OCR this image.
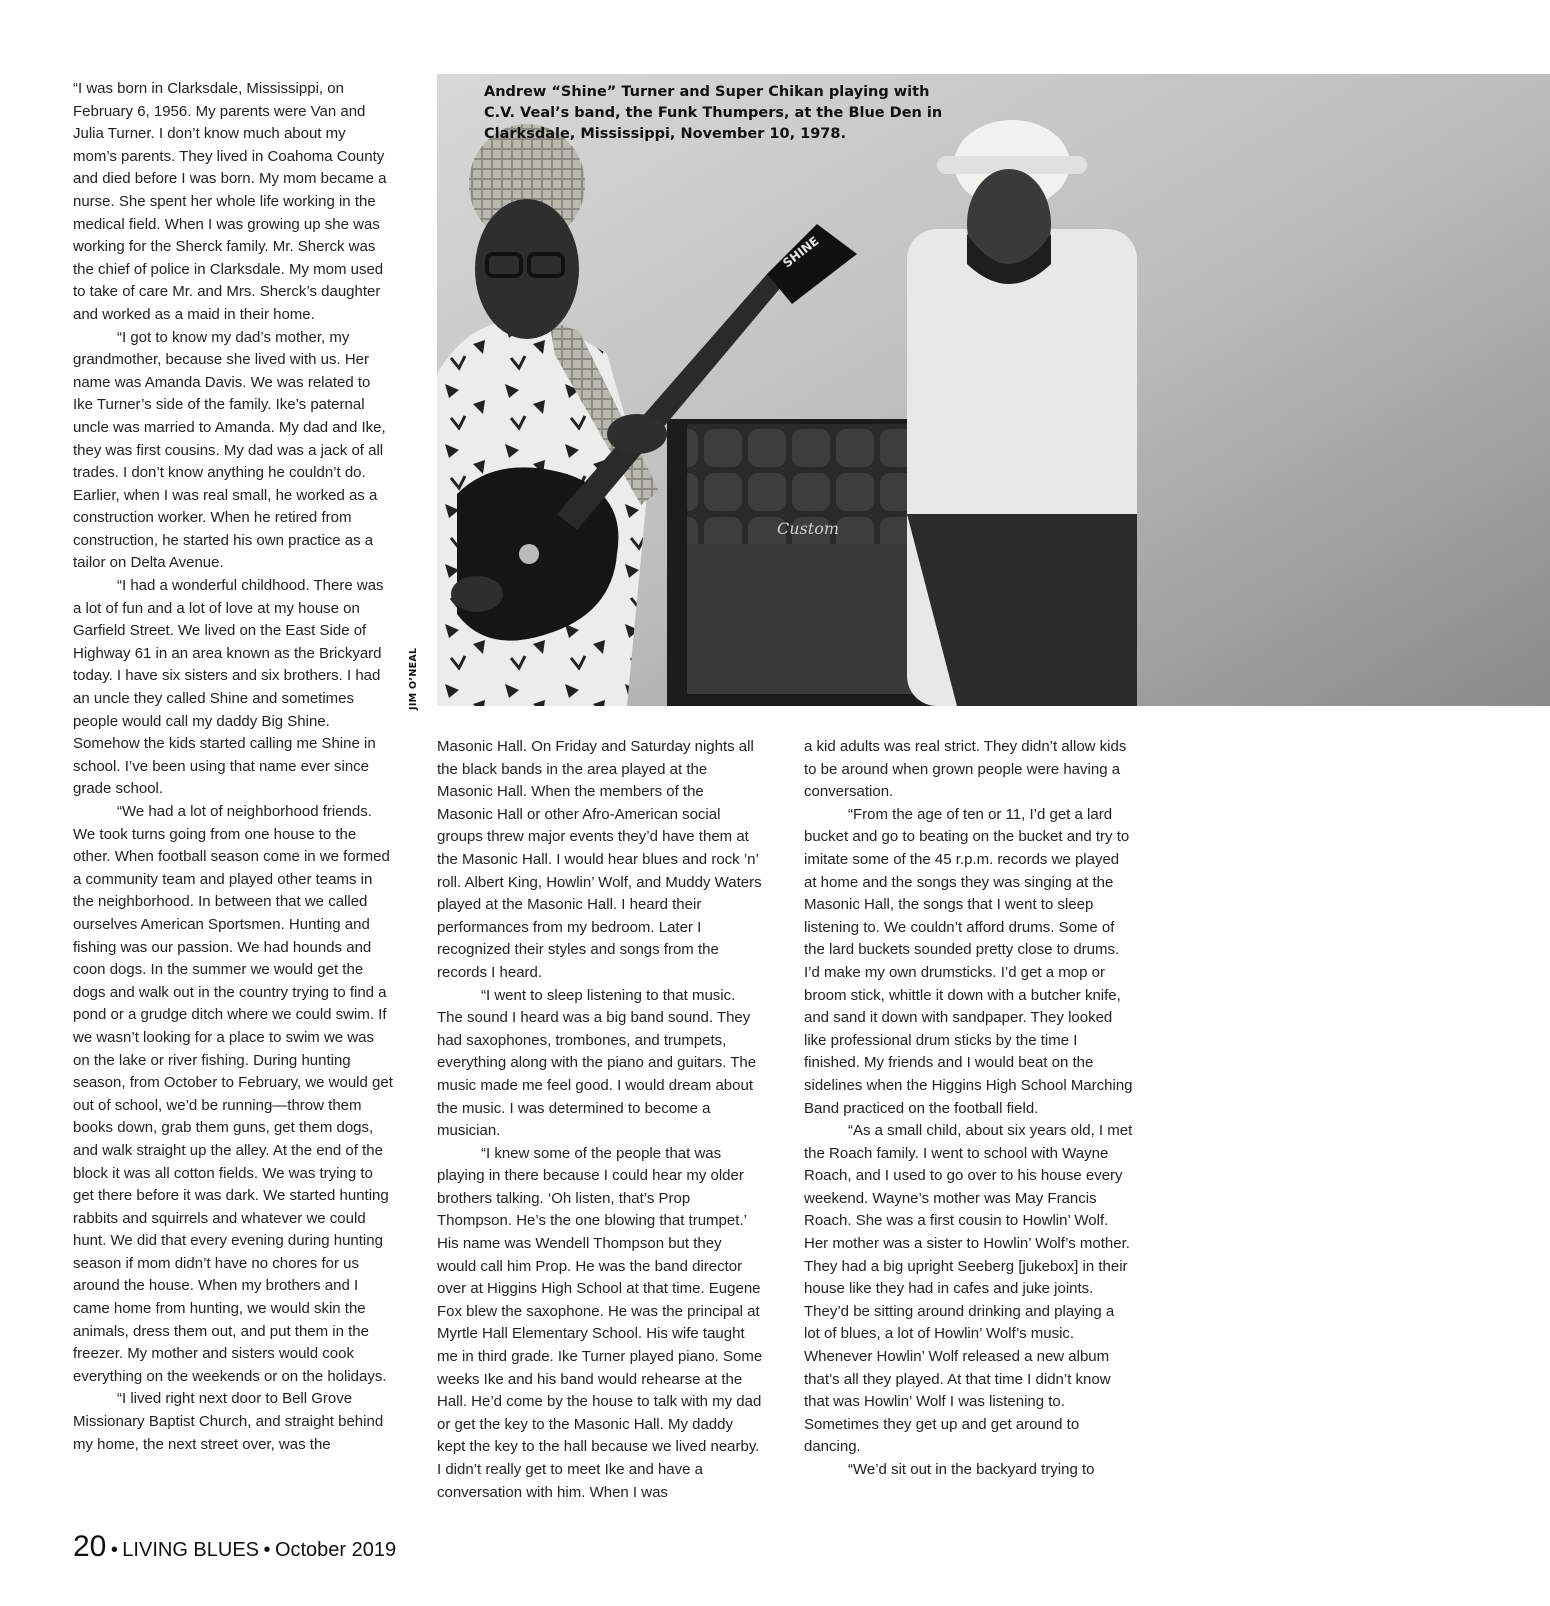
“I was born in Clarksdale, Mississippi, on February 6, 1956. My parents were Van and Julia Turner. I don’t know much about my mom’s parents. They lived in Coahoma County and died before I was born. My mom became a nurse. She spent her whole life working in the medical field. When I was growing up she was working for the Sherck family. Mr. Sherck was the chief of police in Clarksdale. My mom used to take of care Mr. and Mrs. Sherck’s daughter and worked as a maid in their home.

“I got to know my dad’s mother, my grandmother, because she lived with us. Her name was Amanda Davis. We was related to Ike Turner’s side of the family. Ike’s paternal uncle was married to Amanda. My dad and Ike, they was first cousins. My dad was a jack of all trades. I don’t know anything he couldn’t do. Earlier, when I was real small, he worked as a construction worker. When he retired from construction, he started his own practice as a tailor on Delta Avenue.

“I had a wonderful childhood. There was a lot of fun and a lot of love at my house on Garfield Street. We lived on the East Side of Highway 61 in an area known as the Brickyard today. I have six sisters and six brothers. I had an uncle they called Shine and sometimes people would call my daddy Big Shine. Somehow the kids started calling me Shine in school. I’ve been using that name ever since grade school.

“We had a lot of neighborhood friends. We took turns going from one house to the other. When football season come in we formed a community team and played other teams in the neighborhood. In between that we called ourselves American Sportsmen. Hunting and fishing was our passion. We had hounds and coon dogs. In the summer we would get the dogs and walk out in the country trying to find a pond or a grudge ditch where we could swim. If we wasn’t looking for a place to swim we was on the lake or river fishing. During hunting season, from October to February, we would get out of school, we’d be running—throw them books down, grab them guns, get them dogs, and walk straight up the alley. At the end of the block it was all cotton fields. We was trying to get there before it was dark. We started hunting rabbits and squirrels and whatever we could hunt. We did that every evening during hunting season if mom didn’t have no chores for us around the house. When my brothers and I came home from hunting, we would skin the animals, dress them out, and put them in the freezer. My mother and sisters would cook everything on the weekends or on the holidays.

“I lived right next door to Bell Grove Missionary Baptist Church, and straight behind my home, the next street over, was the

Custom
SHINE
Andrew “Shine” Turner and Super Chikan playing with C.V. Veal’s band, the Funk Thumpers, at the Blue Den in Clarksdale, Mississippi, November 10, 1978.
JIM O’NEAL

Masonic Hall. On Friday and Saturday nights all the black bands in the area played at the Masonic Hall. When the members of the Masonic Hall or other Afro-American social groups threw major events they’d have them at the Masonic Hall. I would hear blues and rock ’n’ roll. Albert King, Howlin’ Wolf, and Muddy Waters played at the Masonic Hall. I heard their performances from my bedroom. Later I recognized their styles and songs from the records I heard.

“I went to sleep listening to that music. The sound I heard was a big band sound. They had saxophones, trombones, and trumpets, everything along with the piano and guitars. The music made me feel good. I would dream about the music. I was determined to become a musician.

“I knew some of the people that was playing in there because I could hear my older brothers talking. ‘Oh listen, that’s Prop Thompson. He’s the one blowing that trumpet.’ His name was Wendell Thompson but they would call him Prop. He was the band director over at Higgins High School at that time. Eugene Fox blew the saxophone. He was the principal at Myrtle Hall Elementary School. His wife taught me in third grade. Ike Turner played piano. Some weeks Ike and his band would rehearse at the Hall. He’d come by the house to talk with my dad or get the key to the Masonic Hall. My daddy kept the key to the hall because we lived nearby. I didn’t really get to meet Ike and have a conversation with him. When I was

a kid adults was real strict. They didn’t allow kids to be around when grown people were having a conversation.

“From the age of ten or 11, I’d get a lard bucket and go to beating on the bucket and try to imitate some of the 45 r.p.m. records we played at home and the songs they was singing at the Masonic Hall, the songs that I went to sleep listening to. We couldn’t afford drums. Some of the lard buckets sounded pretty close to drums. I’d make my own drumsticks. I’d get a mop or broom stick, whittle it down with a butcher knife, and sand it down with sandpaper. They looked like professional drum sticks by the time I finished. My friends and I would beat on the sidelines when the Higgins High School Marching Band practiced on the football field.

“As a small child, about six years old, I met the Roach family. I went to school with Wayne Roach, and I used to go over to his house every weekend. Wayne’s mother was May Francis Roach. She was a first cousin to Howlin’ Wolf. Her mother was a sister to Howlin’ Wolf’s mother. They had a big upright Seeberg [jukebox] in their house like they had in cafes and juke joints. They’d be sitting around drinking and playing a lot of blues, a lot of Howlin’ Wolf’s music. Whenever Howlin’ Wolf released a new album that’s all they played. At that time I didn’t know that was Howlin’ Wolf I was listening to. Sometimes they get up and get around to dancing.

“We’d sit out in the backyard trying to

20 • LIVING BLUES • October 2019
